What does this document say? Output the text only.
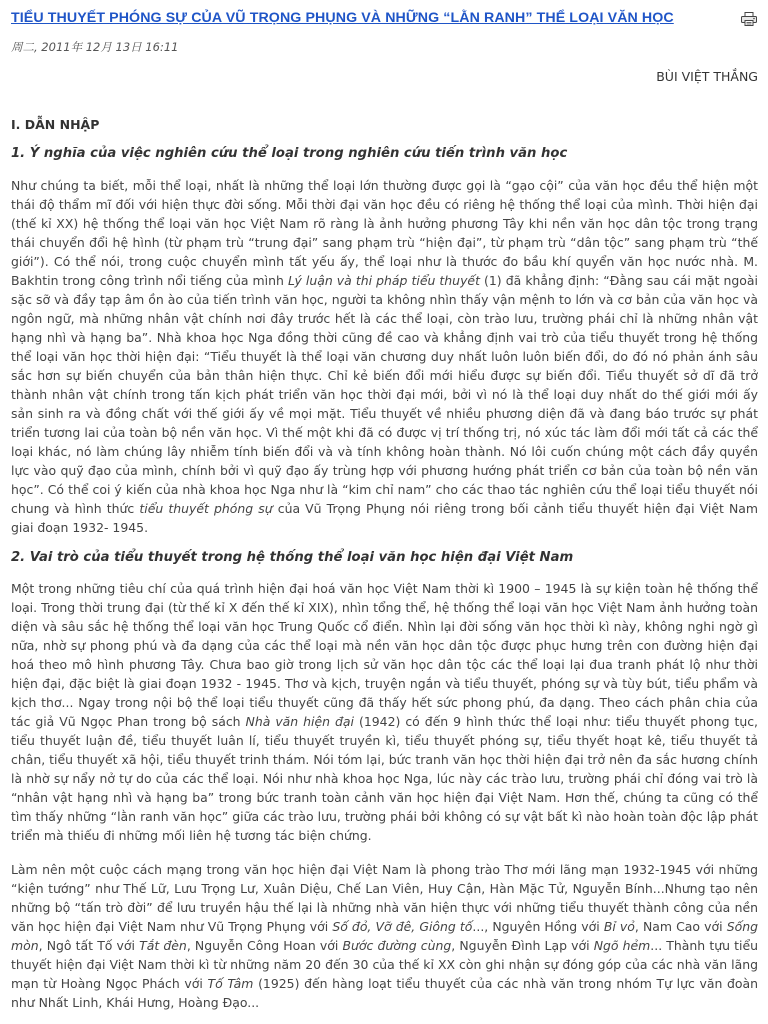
TIỂU THUYẾT PHÓNG SỰ CỦA VŨ TRỌNG PHỤNG VÀ NHỮNG “LẰN RANH” THỂ LOẠI VĂN HỌC
周二, 2011年 12月 13日 16:11
BÙI VIỆT THẮNG
I. DẪN NHẬP
1. Ý nghĩa của việc nghiên cứu thể loại trong nghiên cứu tiến trình văn học

Như chúng ta biết, mỗi thể loại, nhất là những thể loại lớn thường được gọi là “gạo cội” của văn học đều thể hiện một thái độ thẩm mĩ đối với hiện thực đời sống. Mỗi thời đại văn học đều có riêng hệ thống thể loại của mình. Thời hiện đại (thế kỉ XX) hệ thống thể loại văn học Việt Nam rõ ràng là ảnh hưởng phương Tây khi nền văn học dân tộc trong trạng thái chuyển đổi hệ hình (từ phạm trù “trung đại” sang phạm trù “hiện đại”, từ phạm trù “dân tộc” sang phạm trù “thế giới”). Có thể nói, trong cuộc chuyển mình tất yếu ấy, thể loại như là thước đo bầu khí quyển văn học nước nhà. M. Bakhtin trong công trình nổi tiếng của mình Lý luận và thi pháp tiểu thuyết (1) đã khẳng định: “Đằng sau cái mặt ngoài sặc sỡ và đầy tạp âm ồn ào của tiến trình văn học, người ta không nhìn thấy vận mệnh to lớn và cơ bản của văn học và ngôn ngữ, mà những nhân vật chính nơi đây trước hết là các thể loại, còn trào lưu, trường phái chỉ là những nhân vật hạng nhì và hạng ba”. Nhà khoa học Nga đồng thời cũng đề cao và khẳng định vai trò của tiểu thuyết trong hệ thống thể loại văn học thời hiện đại: “Tiểu thuyết là thể loại văn chương duy nhất luôn luôn biến đổi, do đó nó phản ánh sâu sắc hơn sự biến chuyển của bản thân hiện thực. Chỉ kẻ biến đổi mới hiểu được sự biến đổi. Tiểu thuyết sở dĩ đã trở thành nhân vật chính trong tấn kịch phát triển văn học thời đại mới, bởi vì nó là thể loại duy nhất do thế giới mới ấy sản sinh ra và đồng chất với thế giới ấy về mọi mặt. Tiểu thuyết về nhiều phương diện đã và đang báo trước sự phát triển tương lai của toàn bộ nền văn học. Vì thế một khi đã có được vị trí thống trị, nó xúc tác làm đổi mới tất cả các thể loại khác, nó làm chúng lây nhiễm tính biến đổi và và tính không hoàn thành. Nó lôi cuốn chúng một cách đầy quyền lực vào quỹ đạo của mình, chính bởi vì quỹ đạo ấy trùng hợp với phương hướng phát triển cơ bản của toàn bộ nền văn học”. Có thể coi ý kiến của nhà khoa học Nga như là “kim chỉ nam” cho các thao tác nghiên cứu thể loại tiểu thuyết nói chung và hình thức tiểu thuyết phóng sự của Vũ Trọng Phụng nói riêng trong bối cảnh tiểu thuyết hiện đại Việt Nam giai đoạn 1932- 1945.

2. Vai trò của tiểu thuyết trong hệ thống thể loại văn học hiện đại Việt Nam

Một trong những tiêu chí của quá trình hiện đại hoá văn học Việt Nam thời kì 1900 – 1945 là sự kiện toàn hệ thống thể loại. Trong thời trung đại (từ thế kỉ X đến thế kỉ XIX), nhìn tổng thể, hệ thống thể loại văn học Việt Nam ảnh hưởng toàn diện và sâu sắc hệ thống thể loại văn học Trung Quốc cổ điển. Nhìn lại đời sống văn học thời kì này, không nghi ngờ gì nữa, nhờ sự phong phú và đa dạng của các thể loại mà nền văn học dân tộc được phục hưng trên con đường hiện đại hoá theo mô hình phương Tây. Chưa bao giờ trong lịch sử văn học dân tộc các thể loại lại đua tranh phát lộ như thời hiện đại, đặc biệt là giai đoạn 1932 - 1945. Thơ và kịch, truyện ngắn và tiểu thuyết, phóng sự và tùy bút, tiểu phẩm và kịch thơ... Ngay trong nội bộ thể loại tiểu thuyết cũng đã thấy hết sức phong phú, đa dạng. Theo cách phân chia của tác giả Vũ Ngọc Phan trong bộ sách Nhà văn hiện đại (1942) có đến 9 hình thức thể loại như: tiểu thuyết phong tục, tiểu thuyết luận đề, tiểu thuyết luân lí, tiểu thuyết truyền kì, tiểu thuyết phóng sự, tiểu thyết hoạt kê, tiểu thuyết tả chân, tiểu thuyết xã hội, tiểu thuyết trinh thám. Nói tóm lại, bức tranh văn học thời hiện đại trở nên đa sắc hương chính là nhờ sự nẩy nở tự do của các thể loại. Nói như nhà khoa học Nga, lúc này các trào lưu, trường phái chỉ đóng vai trò là “nhân vật hạng nhì và hạng ba” trong bức tranh toàn cảnh văn học hiện đại Việt Nam. Hơn thế, chúng ta cũng có thể tìm thấy những “lằn ranh văn học” giữa các trào lưu, trường phái bởi không có sự vật bất kì nào hoàn toàn độc lập phát triển mà thiếu đi những mối liên hệ tương tác biện chứng.

Làm nên một cuộc cách mạng trong văn học hiện đại Việt Nam là phong trào Thơ mới lãng mạn 1932-1945 với những “kiện tướng” như Thế Lữ, Lưu Trọng Lư, Xuân Diệu, Chế Lan Viên, Huy Cận, Hàn Mặc Tử, Nguyễn Bính...Nhưng tạo nên những bộ “tấn trò đời” để lưu truyền hậu thế lại là những nhà văn hiện thực với những tiểu thuyết thành công của nền văn học hiện đại Việt Nam như Vũ Trọng Phụng với Số đỏ, Vỡ đê, Giông tố..., Nguyên Hồng với Bỉ vỏ, Nam Cao với Sống mòn, Ngô tất Tố với Tắt đèn, Nguyễn Công Hoan với Bước đường cùng, Nguyễn Đình Lạp với Ngõ hẻm... Thành tựu tiểu thuyết hiện đại Việt Nam thời kì từ những năm 20 đến 30 của thế kỉ XX còn ghi nhận sự đóng góp của các nhà văn lãng mạn từ Hoàng Ngọc Phách với Tố Tâm (1925) đến hàng loạt tiểu thuyết của các nhà văn trong nhóm Tự lực văn đoàn như Nhất Linh, Khái Hưng, Hoàng Đạo...
